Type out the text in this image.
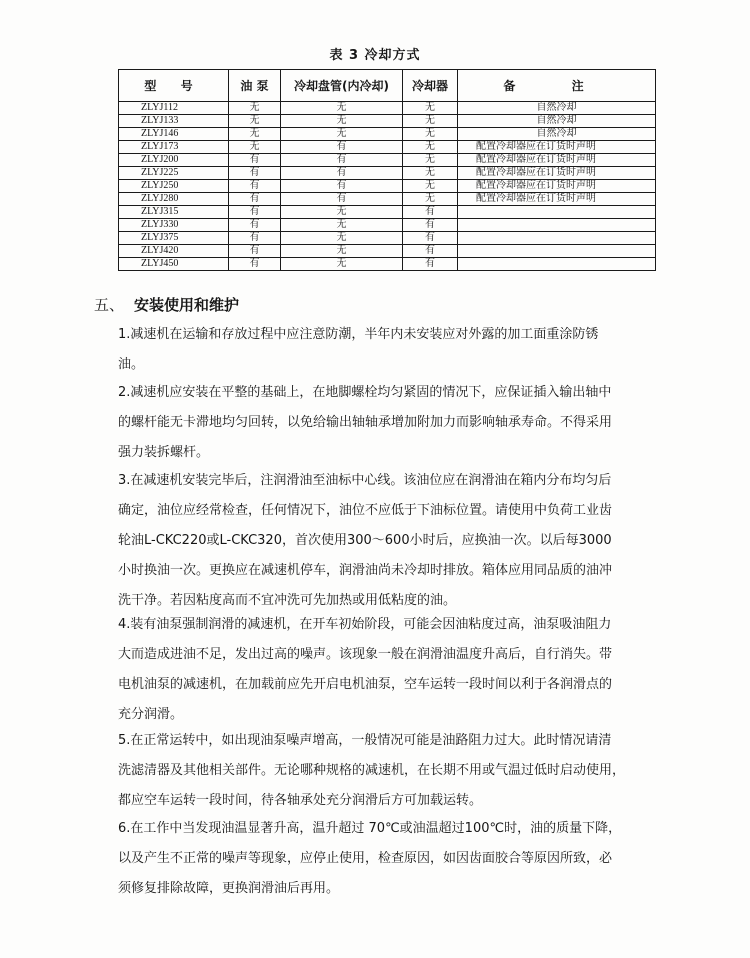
表 3 冷却方式
型 号	油 泵	冷却盘管(内冷却)	冷却器	备 注
ZLYJ112	无	无	无	自然冷却
ZLYJ133	无	无	无	自然冷却
ZLYJ146	无	无	无	自然冷却
ZLYJ173	无	有	无	配置冷却器应在订货时声明
ZLYJ200	有	有	无	配置冷却器应在订货时声明
ZLYJ225	有	有	无	配置冷却器应在订货时声明
ZLYJ250	有	有	无	配置冷却器应在订货时声明
ZLYJ280	有	有	无	配置冷却器应在订货时声明
ZLYJ315	有	无	有	
ZLYJ330	有	无	有	
ZLYJ375	有	无	有	
ZLYJ420	有	无	有	
ZLYJ450	有	无	有	
五、 安装使用和维护
1.减速机在运输和存放过程中应注意防潮，半年内未安装应对外露的加工面重涂防锈
油。
2.减速机应安装在平整的基础上，在地脚螺栓均匀紧固的情况下，应保证插入输出轴中
的螺杆能无卡滞地均匀回转，以免给输出轴轴承增加附加力而影响轴承寿命。不得采用
强力装拆螺杆。
3.在减速机安装完毕后，注润滑油至油标中心线。该油位应在润滑油在箱内分布均匀后
确定，油位应经常检查，任何情况下，油位不应低于下油标位置。请使用中负荷工业齿
轮油L-CKC220或L-CKC320，首次使用300～600小时后，应换油一次。以后每3000
小时换油一次。更换应在减速机停车，润滑油尚未冷却时排放。箱体应用同品质的油冲
洗干净。若因粘度高而不宜冲洗可先加热或用低粘度的油。
4.装有油泵强制润滑的减速机，在开车初始阶段，可能会因油粘度过高，油泵吸油阻力
大而造成进油不足，发出过高的噪声。该现象一般在润滑油温度升高后，自行消失。带
电机油泵的减速机，在加载前应先开启电机油泵，空车运转一段时间以利于各润滑点的
充分润滑。
5.在正常运转中，如出现油泵噪声增高，一般情况可能是油路阻力过大。此时情况请清
洗滤清器及其他相关部件。无论哪种规格的减速机，在长期不用或气温过低时启动使用，
都应空车运转一段时间，待各轴承处充分润滑后方可加载运转。
6.在工作中当发现油温显著升高，温升超过 70℃或油温超过100℃时，油的质量下降，
以及产生不正常的噪声等现象，应停止使用，检查原因，如因齿面胶合等原因所致，必
须修复排除故障，更换润滑油后再用。
